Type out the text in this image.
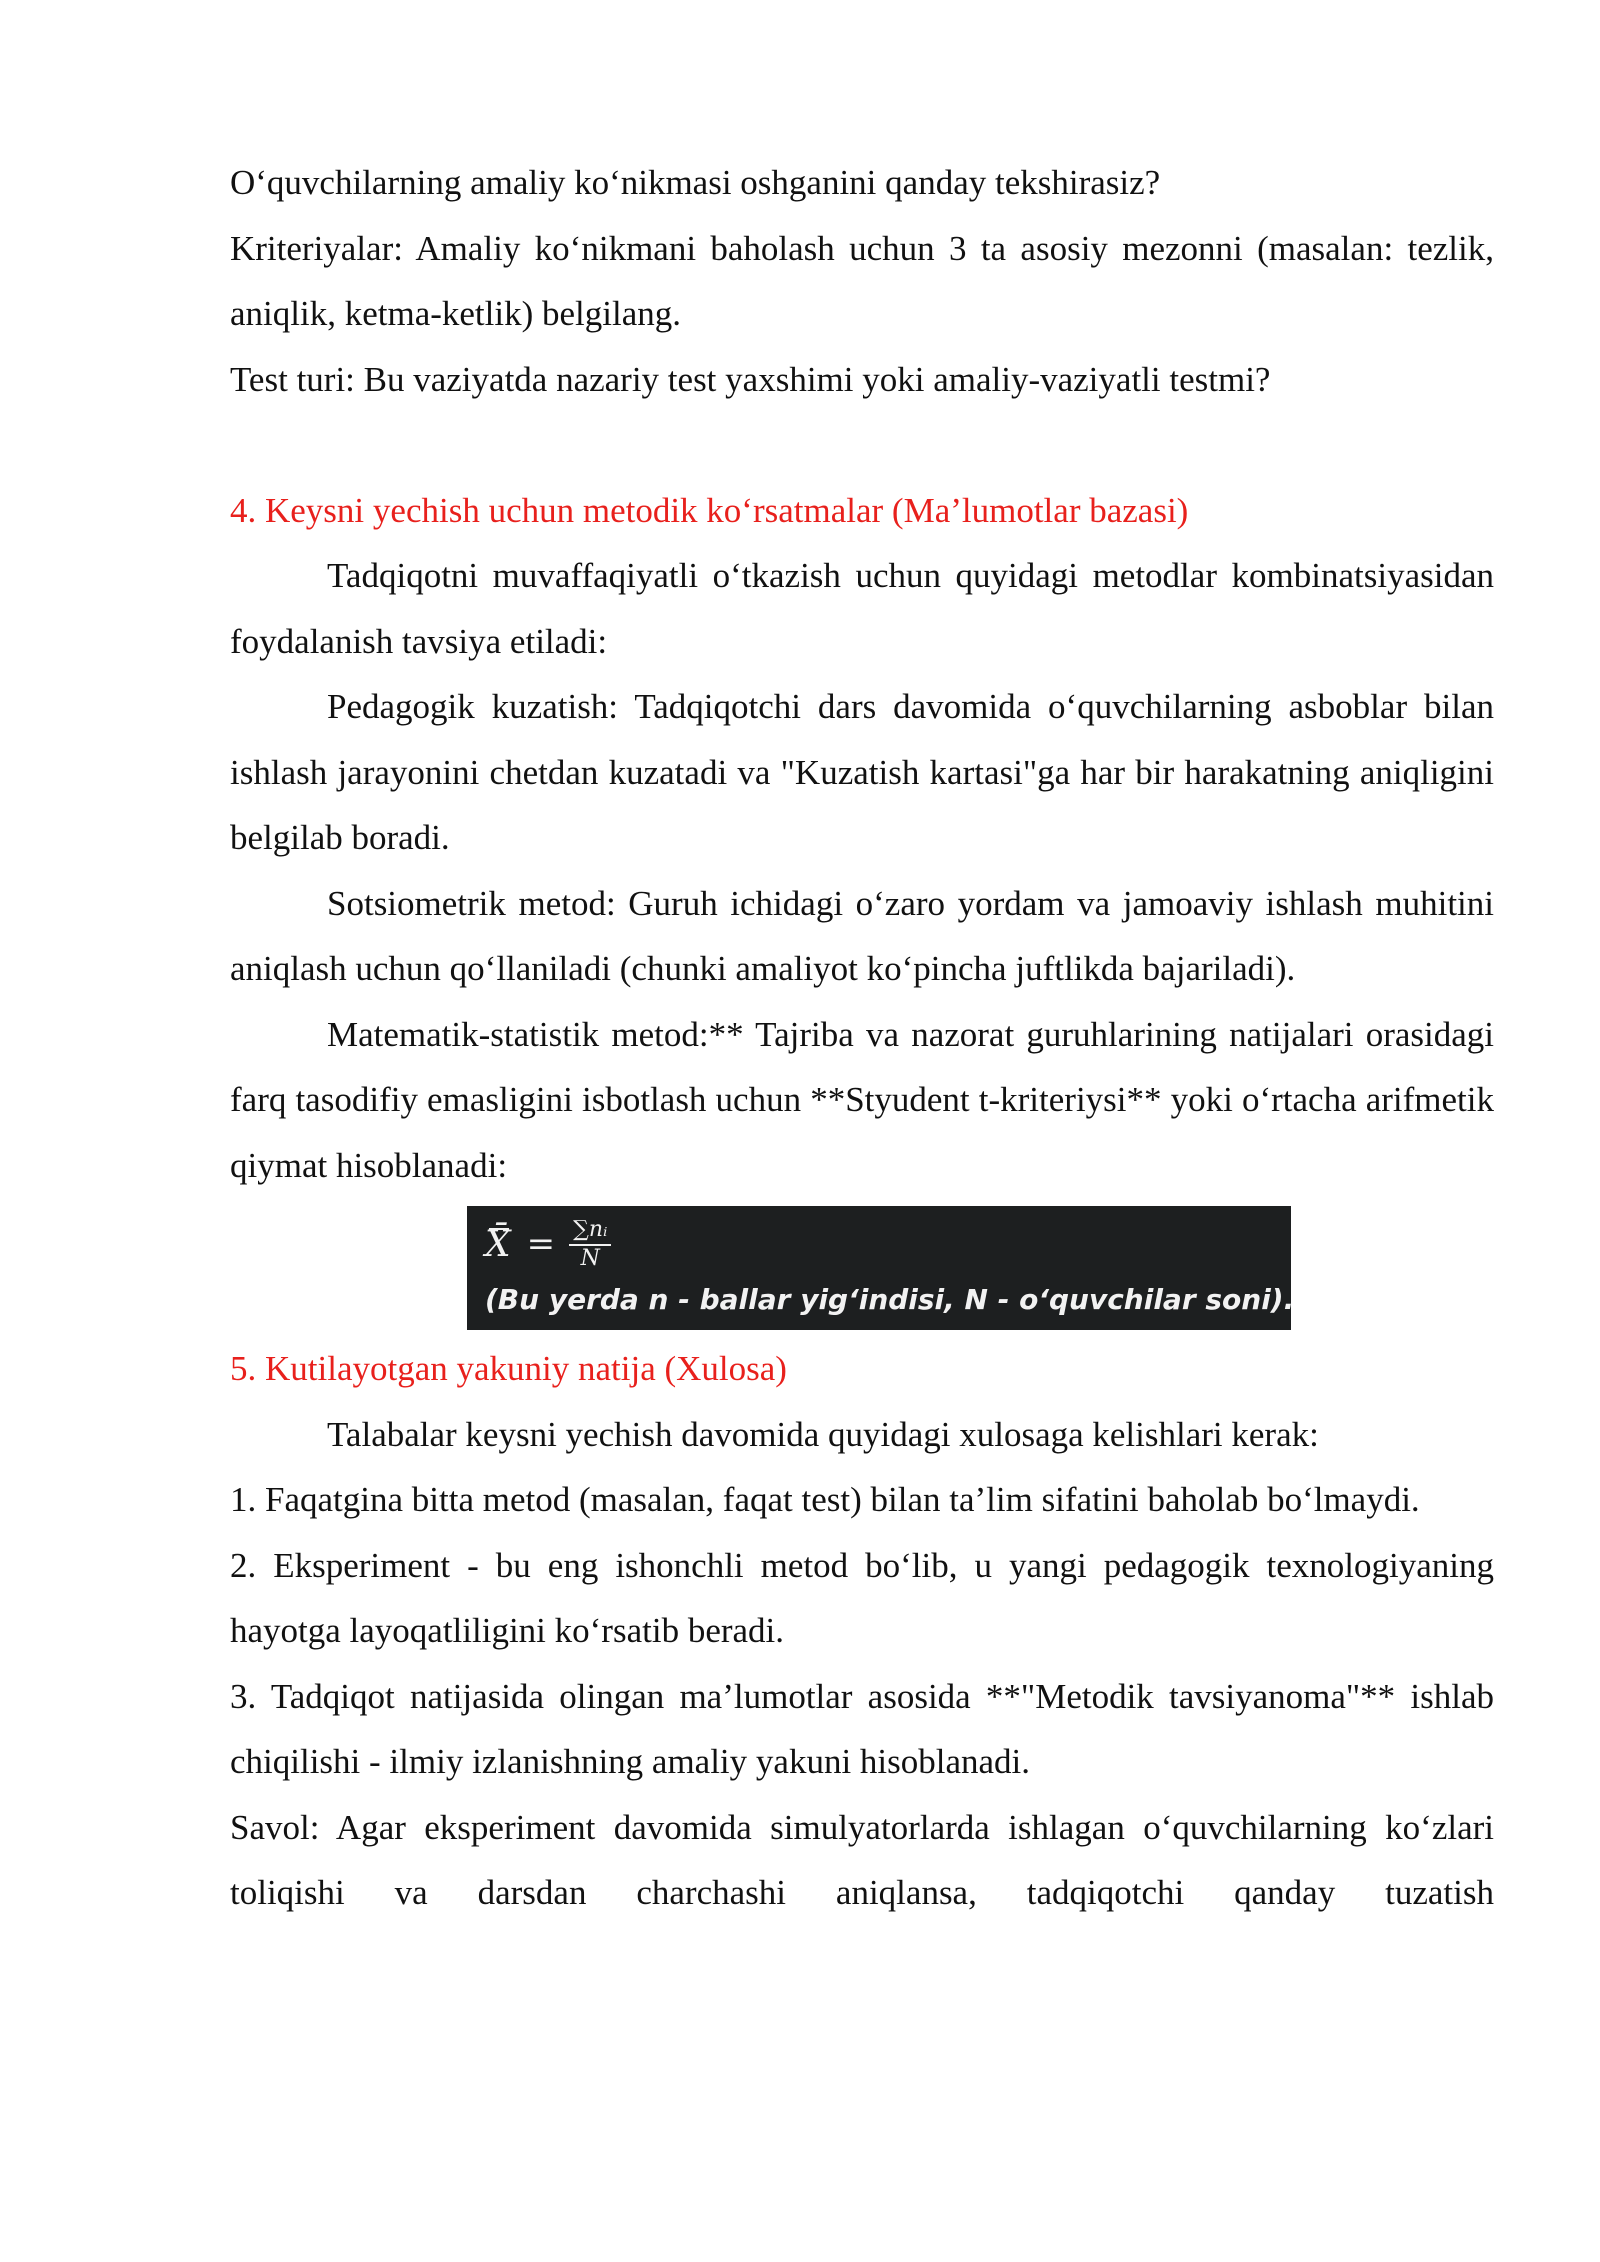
O‘quvchilarning amaliy ko‘nikmasi oshganini qanday tekshirasiz?

Kriteriyalar: Amaliy ko‘nikmani baholash uchun 3 ta asosiy mezonni (masalan: tezlik, aniqlik, ketma-ketlik) belgilang.

Test turi: Bu vaziyatda nazariy test yaxshimi yoki amaliy-vaziyatli testmi?

4. Keysni yechish uchun metodik ko‘rsatmalar (Ma’lumotlar bazasi)

Tadqiqotni muvaffaqiyatli o‘tkazish uchun quyidagi metodlar kombinatsiyasidan foydalanish tavsiya etiladi:

Pedagogik kuzatish: Tadqiqotchi dars davomida o‘quvchilarning asboblar bilan ishlash jarayonini chetdan kuzatadi va "Kuzatish kartasi"ga har bir harakatning aniqligini belgilab boradi.

Sotsiometrik metod: Guruh ichidagi o‘zaro yordam va jamoaviy ishlash muhitini aniqlash uchun qo‘llaniladi (chunki amaliyot ko‘pincha juftlikda bajariladi).

Matematik-statistik metod:** Tajriba va nazorat guruhlarining natijalari orasidagi farq tasodifiy emasligini isbotlash uchun **Styudent t-kriteriysi** yoki o‘rtacha arifmetik qiymat hisoblanadi:

X̄ = $\frac{\text{∑nᵢ}}{N}$
(Bu yerda n - ballar yig‘indisi, N - o‘quvchilar soni).

5. Kutilayotgan yakuniy natija (Xulosa)

Talabalar keysni yechish davomida quyidagi xulosaga kelishlari kerak:

1. Faqatgina bitta metod (masalan, faqat test) bilan ta’lim sifatini baholab bo‘lmaydi.

2. Eksperiment - bu eng ishonchli metod bo‘lib, u yangi pedagogik texnologiyaning hayotga layoqatliligini ko‘rsatib beradi.

3. Tadqiqot natijasida olingan ma’lumotlar asosida **"Metodik tavsiyanoma"** ishlab chiqilishi - ilmiy izlanishning amaliy yakuni hisoblanadi.

Savol: Agar eksperiment davomida simulyatorlarda ishlagan o‘quvchilarning ko‘zlari toliqishi va darsdan charchashi aniqlansa, tadqiqotchi qanday tuzatish
